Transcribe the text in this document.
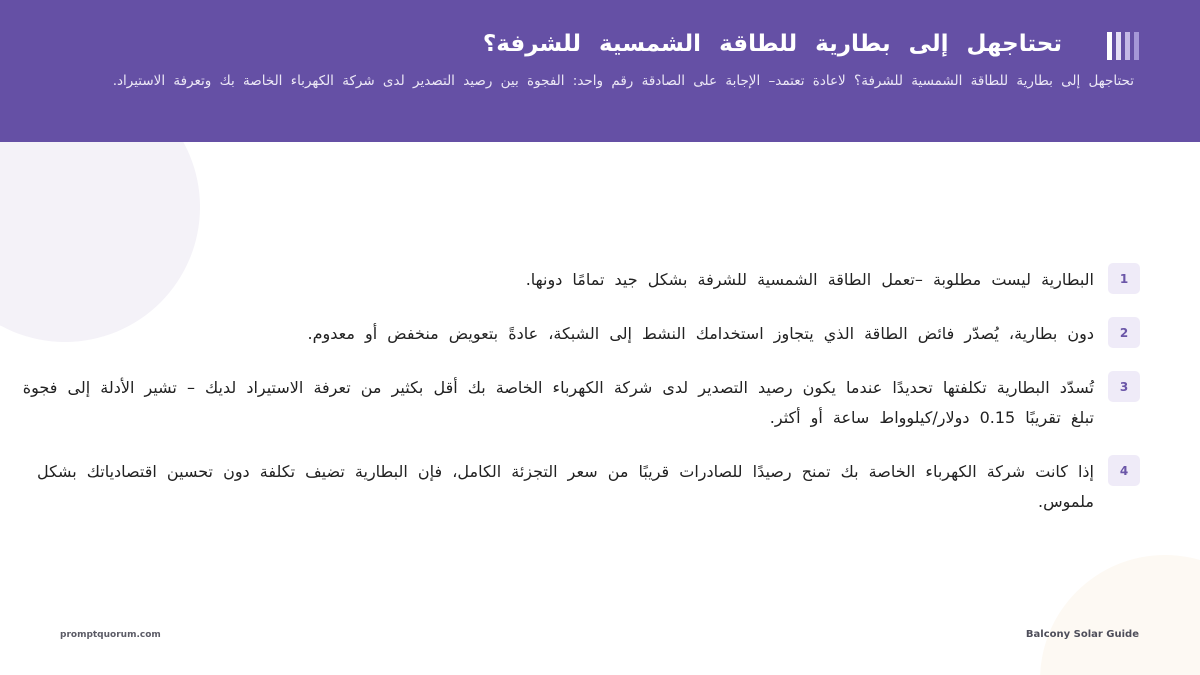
تحتاجهل إلى بطارية للطاقة الشمسية للشرفة؟
تحتاجهل إلى بطارية للطاقة الشمسية للشرفة؟ لاعادة تعتمد– الإجابة على الصادقة رقم واحد: الفجوة بين رصيد التصدير لدى شركة الكهرباء الخاصة بك وتعرفة الاستيراد.
1
البطارية ليست مطلوبة –تعمل الطاقة الشمسية للشرفة بشكل جيد تمامًا دونها.
2
دون بطارية، يُصدّر فائض الطاقة الذي يتجاوز استخدامك النشط إلى الشبكة، عادةً بتعويض منخفض أو معدوم.
3
تُسدّد البطارية تكلفتها تحديدًا عندما يكون رصيد التصدير لدى شركة الكهرباء الخاصة بك أقل بكثير من تعرفة الاستيراد لديك – تشير الأدلة إلى فجوة تبلغ تقريبًا 0.15 دولار/كيلوواط ساعة أو أكثر.
4
إذا كانت شركة الكهرباء الخاصة بك تمنح رصيدًا للصادرات قريبًا من سعر التجزئة الكامل، فإن البطارية تضيف تكلفة دون تحسين اقتصادياتك بشكل ملموس.
promptquorum.com	Balcony Solar Guide
